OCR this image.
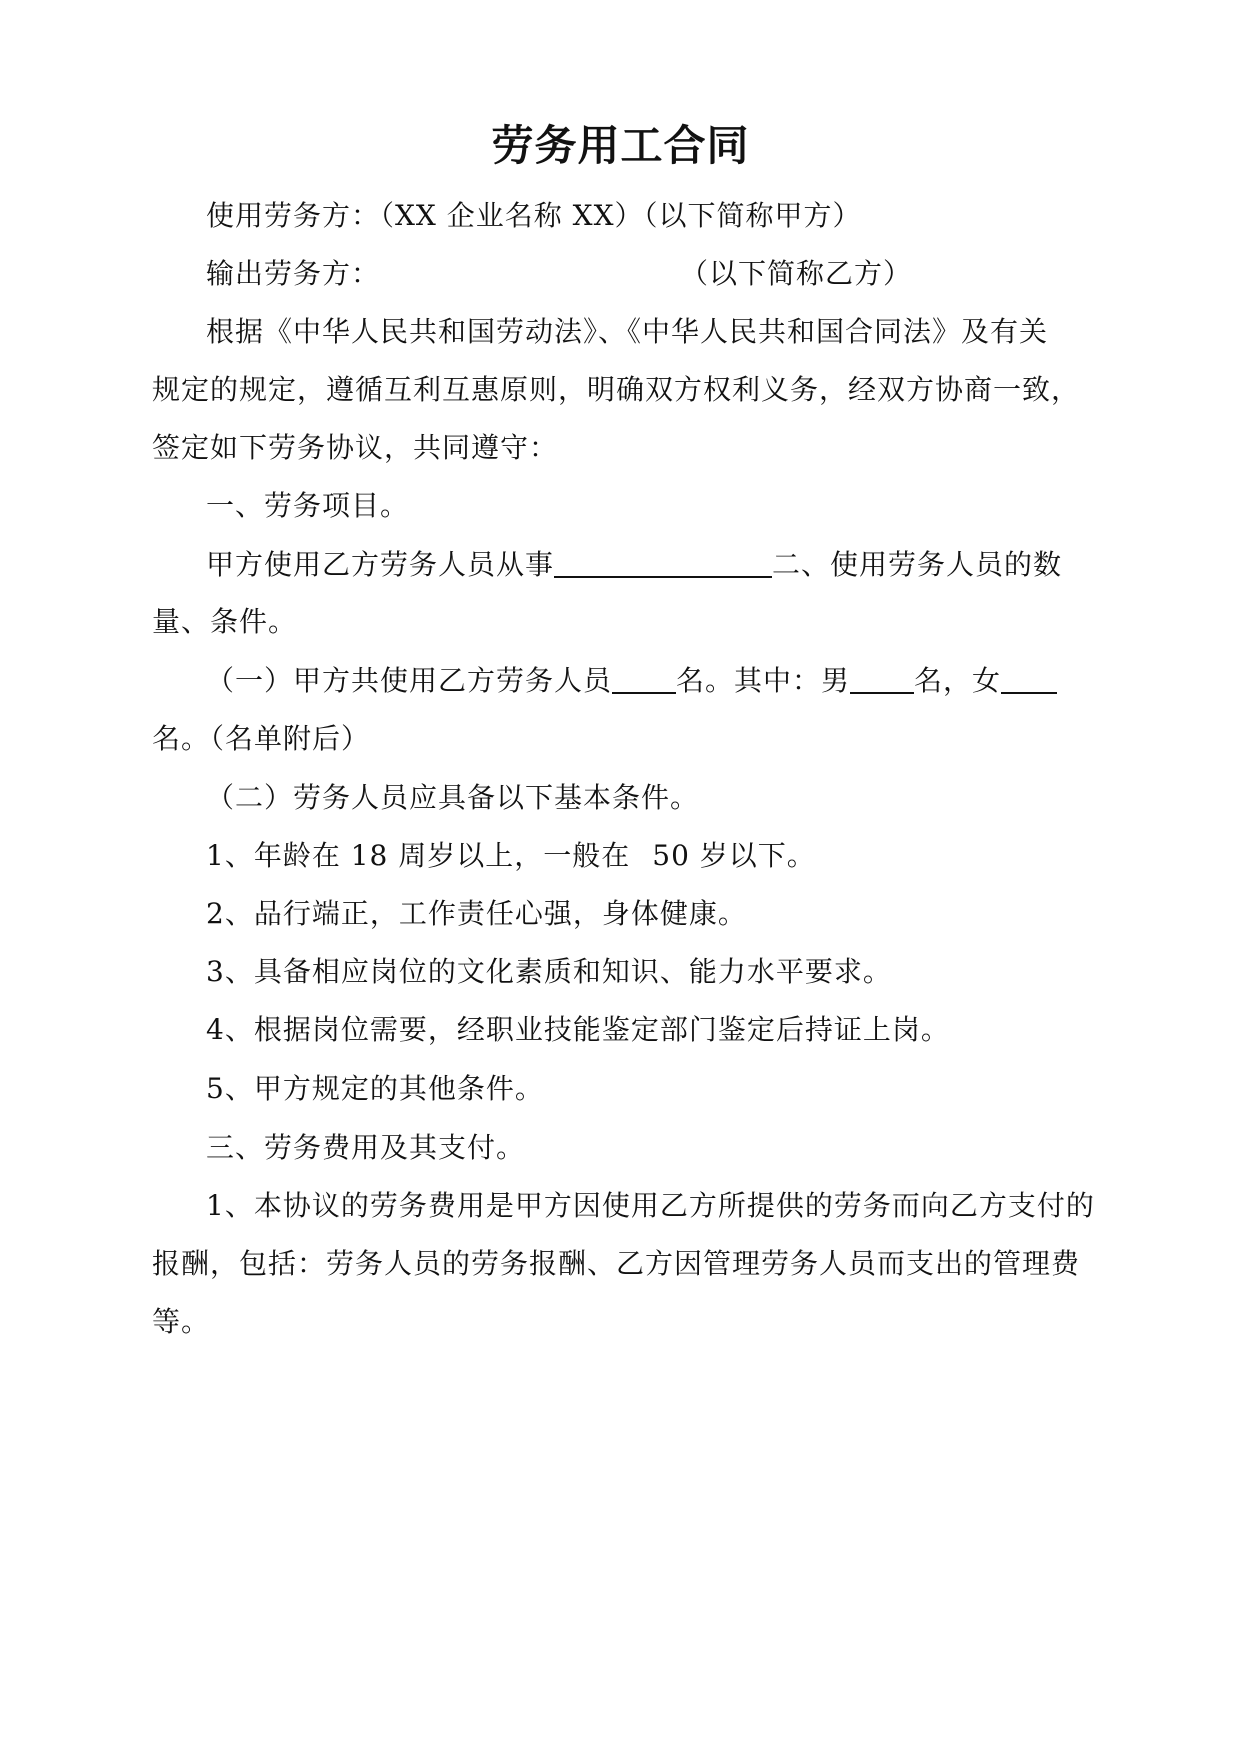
劳务用工合同
使用劳务方：（XX 企业名称 XX）（以下简称甲方）
输出劳务方：	（以下简称乙方）
根据《中华人民共和国劳动法》、《中华人民共和国合同法》及有关
规定的规定，遵循互利互惠原则，明确双方权利义务，经双方协商一致，
签定如下劳务协议，共同遵守：
一、劳务项目。
甲方使用乙方劳务人员从事	二、使用劳务人员的数
量、条件。
（一）甲方共使用乙方劳务人员 名。其中：男 名，女
名。（名单附后）
（二）劳务人员应具备以下基本条件。
1、年龄在 18 周岁以上，一般在 50 岁以下。
2、品行端正，工作责任心强，身体健康。
3、具备相应岗位的文化素质和知识、能力水平要求。
4、根据岗位需要，经职业技能鉴定部门鉴定后持证上岗。
5、甲方规定的其他条件。
三、劳务费用及其支付。
1、本协议的劳务费用是甲方因使用乙方所提供的劳务而向乙方支付的
报酬，包括：劳务人员的劳务报酬、乙方因管理劳务人员而支出的管理费
等。
